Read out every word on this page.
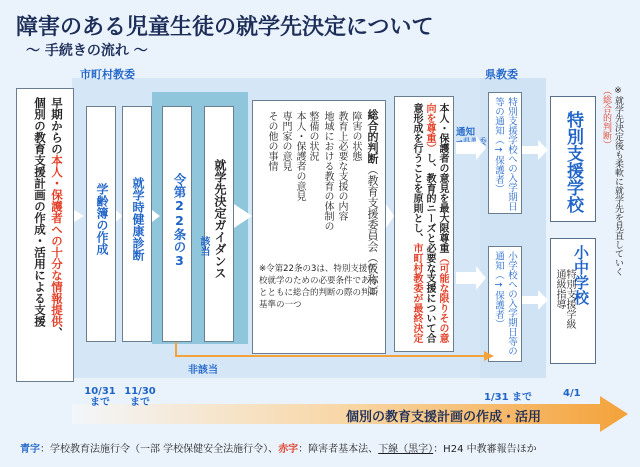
障害のある児童生徒の就学先決定について
～ 手続きの流れ ～
市町村教委	県教委
早期からの本人・保護者への十分な情報提供、
個別の教育支援計画の作成・活用による支援	学齢簿の作成 就学時健康診断 令第22条の3 就学先決定ガイダンス
該当
総合的判断（教育支援委員会（仮称））
障害の状態
教育上必要な支援の内容
地域における教育の体制の整備の状況
本人・保護者の意見
専門家の意見
その他の事情
※令第22条の3は、特別支援学校就学のための必要条件であるとともに総合的判断の際の判断基準の一つ
本人・保護者の意見を最大限尊重（可能な限りその意向を尊重）し、教育的ニーズと必要な支援について合意形成を行うことを原則とし、市町村教委が最終決定
通知
→県教委	特別支援学校への入学期日等の通知（→保護者）
小学校への入学期日等の通知（→保護者）
特別支援学校
小中学校
特別支援学級
通級指導
※就学先決定後も柔軟に就学先を見直していく（総合的判断）
非該当
個別の教育支援計画の作成・活用
10/31 まで
11/30 まで	1/31 まで	4/1
青字：学校教育法施行令（一部 学校保健安全法施行令）、赤字：障害者基本法、下線（黒字）：H24 中教審報告ほか
